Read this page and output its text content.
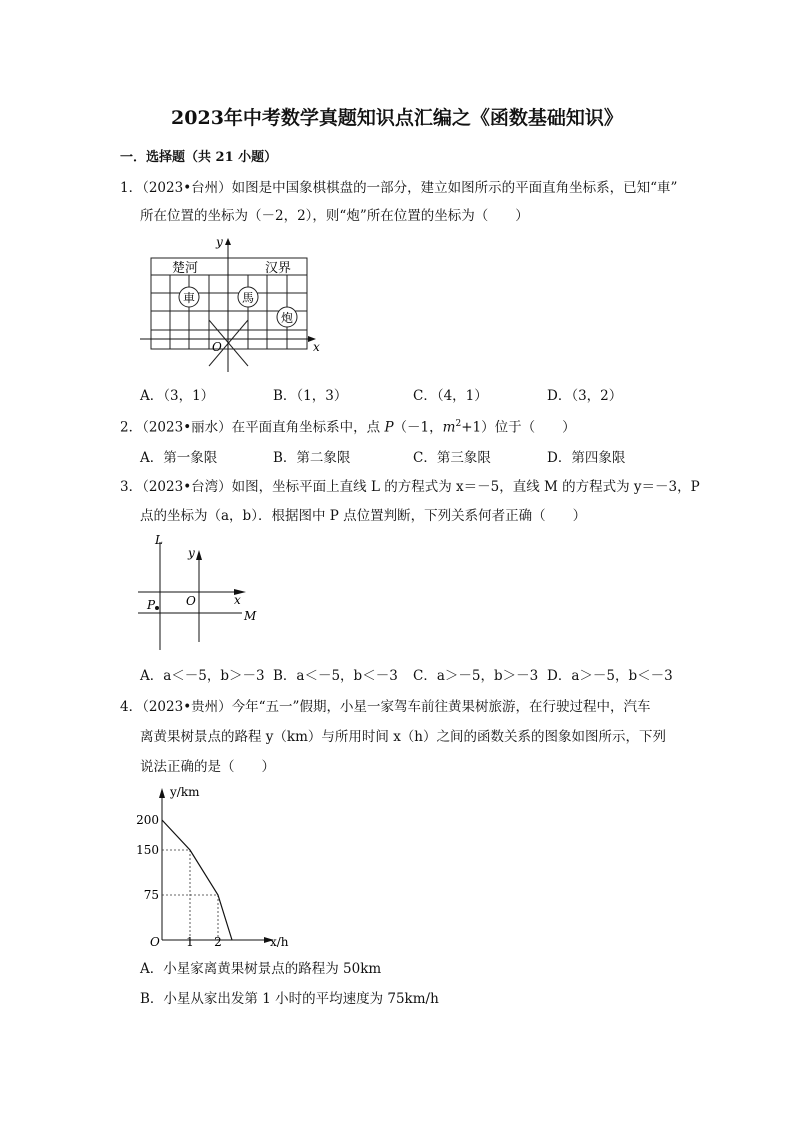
2023年中考数学真题知识点汇编之《函数基础知识》
一．选择题（共 21 小题）
1．（2023•台州）如图是中国象棋棋盘的一部分，建立如图所示的平面直角坐标系，已知“車”
所在位置的坐标为（－2，2），则“炮”所在位置的坐标为（　　）
y
x
O
楚河	汉界
車	馬
炮
A．（3，1）	B．（1，3）	C．（4，1）	D．（3，2）
2．（2023•丽水）在平面直角坐标系中，点 P（－1，$m^2+1$）位于（　　）
A．第一象限	B．第二象限	C．第三象限	D．第四象限
3．（2023•台湾）如图，坐标平面上直线 L 的方程式为 x＝－5，直线 M 的方程式为 y＝－3，P
点的坐标为（a，b）．根据图中 P 点位置判断，下列关系何者正确（　　）
L
M
y
x
O
P
A．a＜－5，b＞－3 B．a＜－5，b＜－3 C．a＞－5，b＞－3 D．a＞－5，b＜－3
4．（2023•贵州）今年“五一”假期，小星一家驾车前往黄果树旅游，在行驶过程中，汽车
离黄果树景点的路程 y（km）与所用时间 x（h）之间的函数关系的图象如图所示，下列
说法正确的是（　　）
y/km
x/h
O
75
150
200
1 2
A．小星家离黄果树景点的路程为 50km
B．小星从家出发第 1 小时的平均速度为 75km/h
